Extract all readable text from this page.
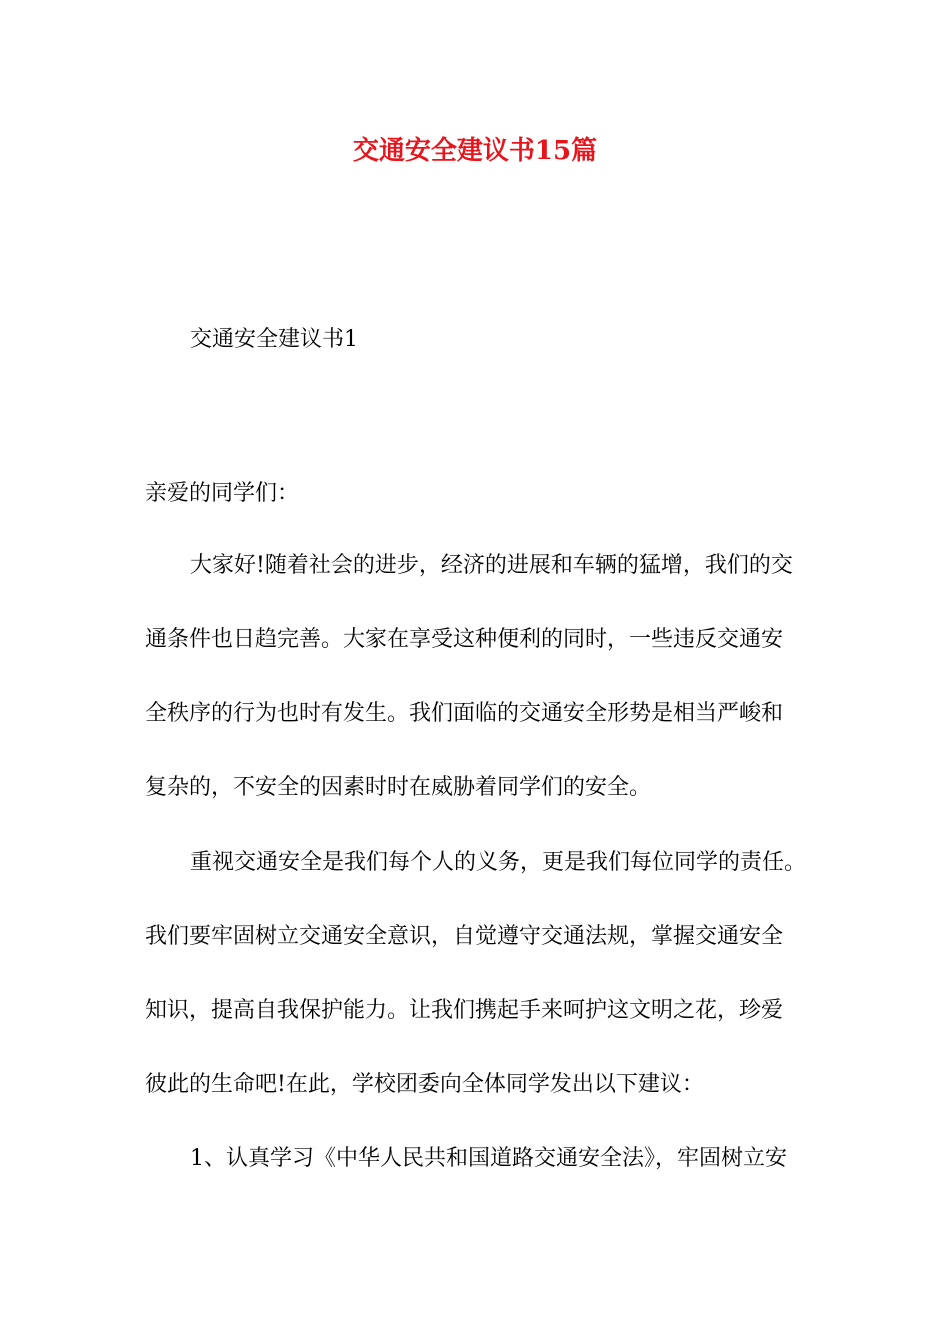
交通安全建议书15篇

交通安全建议书1

亲爱的同学们：

大家好!随着社会的进步，经济的进展和车辆的猛增，我们的交

通条件也日趋完善。大家在享受这种便利的同时，一些违反交通安

全秩序的行为也时有发生。我们面临的交通安全形势是相当严峻和

复杂的，不安全的因素时时在威胁着同学们的安全。

重视交通安全是我们每个人的义务，更是我们每位同学的责任。

我们要牢固树立交通安全意识，自觉遵守交通法规，掌握交通安全

知识，提高自我保护能力。让我们携起手来呵护这文明之花，珍爱

彼此的生命吧!在此，学校团委向全体同学发出以下建议：

1、认真学习《中华人民共和国道路交通安全法》，牢固树立安
